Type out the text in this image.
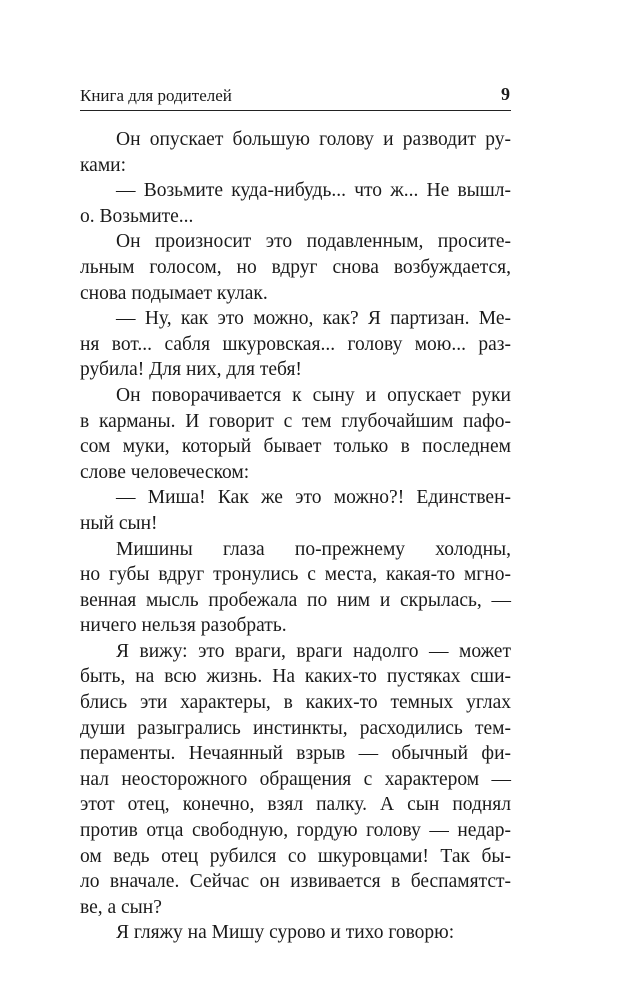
Книга для родителей	9
Он опускает большую голову и разводит ру-
ками:
— Возьмите куда-нибудь... что ж... Не вышл-
о. Возьмите...
Он произносит это подавленным, просите-
льным голосом, но вдруг снова возбуждается,
снова подымает кулак.
— Ну, как это можно, как? Я партизан. Ме-
ня вот... сабля шкуровская... голову мою... раз-
рубила! Для них, для тебя!
Он поворачивается к сыну и опускает руки
в карманы. И говорит с тем глубочайшим пафо-
сом муки, который бывает только в последнем
слове человеческом:
— Миша! Как же это можно?! Единствен-
ный сын!
Мишины глаза по-прежнему холодны,
но губы вдруг тронулись с места, какая-то мгно-
венная мысль пробежала по ним и скрылась, —
ничего нельзя разобрать.
Я вижу: это враги, враги надолго — может
быть, на всю жизнь. На каких-то пустяках сши-
блись эти характеры, в каких-то темных углах
души разыгрались инстинкты, расходились тем-
пераменты. Нечаянный взрыв — обычный фи-
нал неосторожного обращения с характером —
этот отец, конечно, взял палку. А сын поднял
против отца свободную, гордую голову — недар-
ом ведь отец рубился со шкуровцами! Так бы-
ло вначале. Сейчас он извивается в беспамятст-
ве, а сын?
Я гляжу на Мишу сурово и тихо говорю:
